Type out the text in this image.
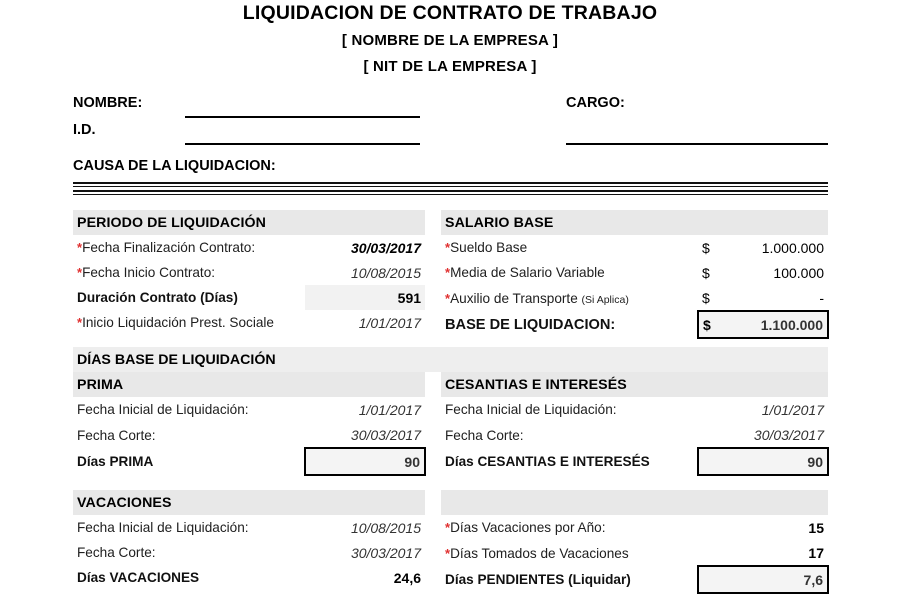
LIQUIDACION DE CONTRATO DE TRABAJO
[ NOMBRE DE LA EMPRESA ]
[ NIT DE LA EMPRESA ]
NOMBRE:
I.D.
CARGO:
CAUSA DE LA LIQUIDACION:
PERIODO DE LIQUIDACIÓN	
*Fecha Finalización Contrato:	30/03/2017
*Fecha Inicio Contrato:	10/08/2015
Duración Contrato (Días)	591
*Inicio Liquidación Prest. Sociale	1/01/2017
SALARIO BASE		
*Sueldo Base	$	1.000.000
*Media de Salario Variable	$	100.000
*Auxilio de Transporte (Si Aplica)	$	-
BASE DE LIQUIDACION:	$	1.100.000
DÍAS BASE DE LIQUIDACIÓN
PRIMA	
Fecha Inicial de Liquidación:	1/01/2017
Fecha Corte:	30/03/2017
Días PRIMA	90
CESANTIAS E INTERESÉS	
Fecha Inicial de Liquidación:	1/01/2017
Fecha Corte:	30/03/2017
Días CESANTIAS E INTERESÉS	90
VACACIONES	
Fecha Inicial de Liquidación:	10/08/2015
Fecha Corte:	30/03/2017
Días VACACIONES	24,6

*Días Vacaciones por Año:	15
*Días Tomados de Vacaciones	17
Días PENDIENTES (Liquidar)	7,6
